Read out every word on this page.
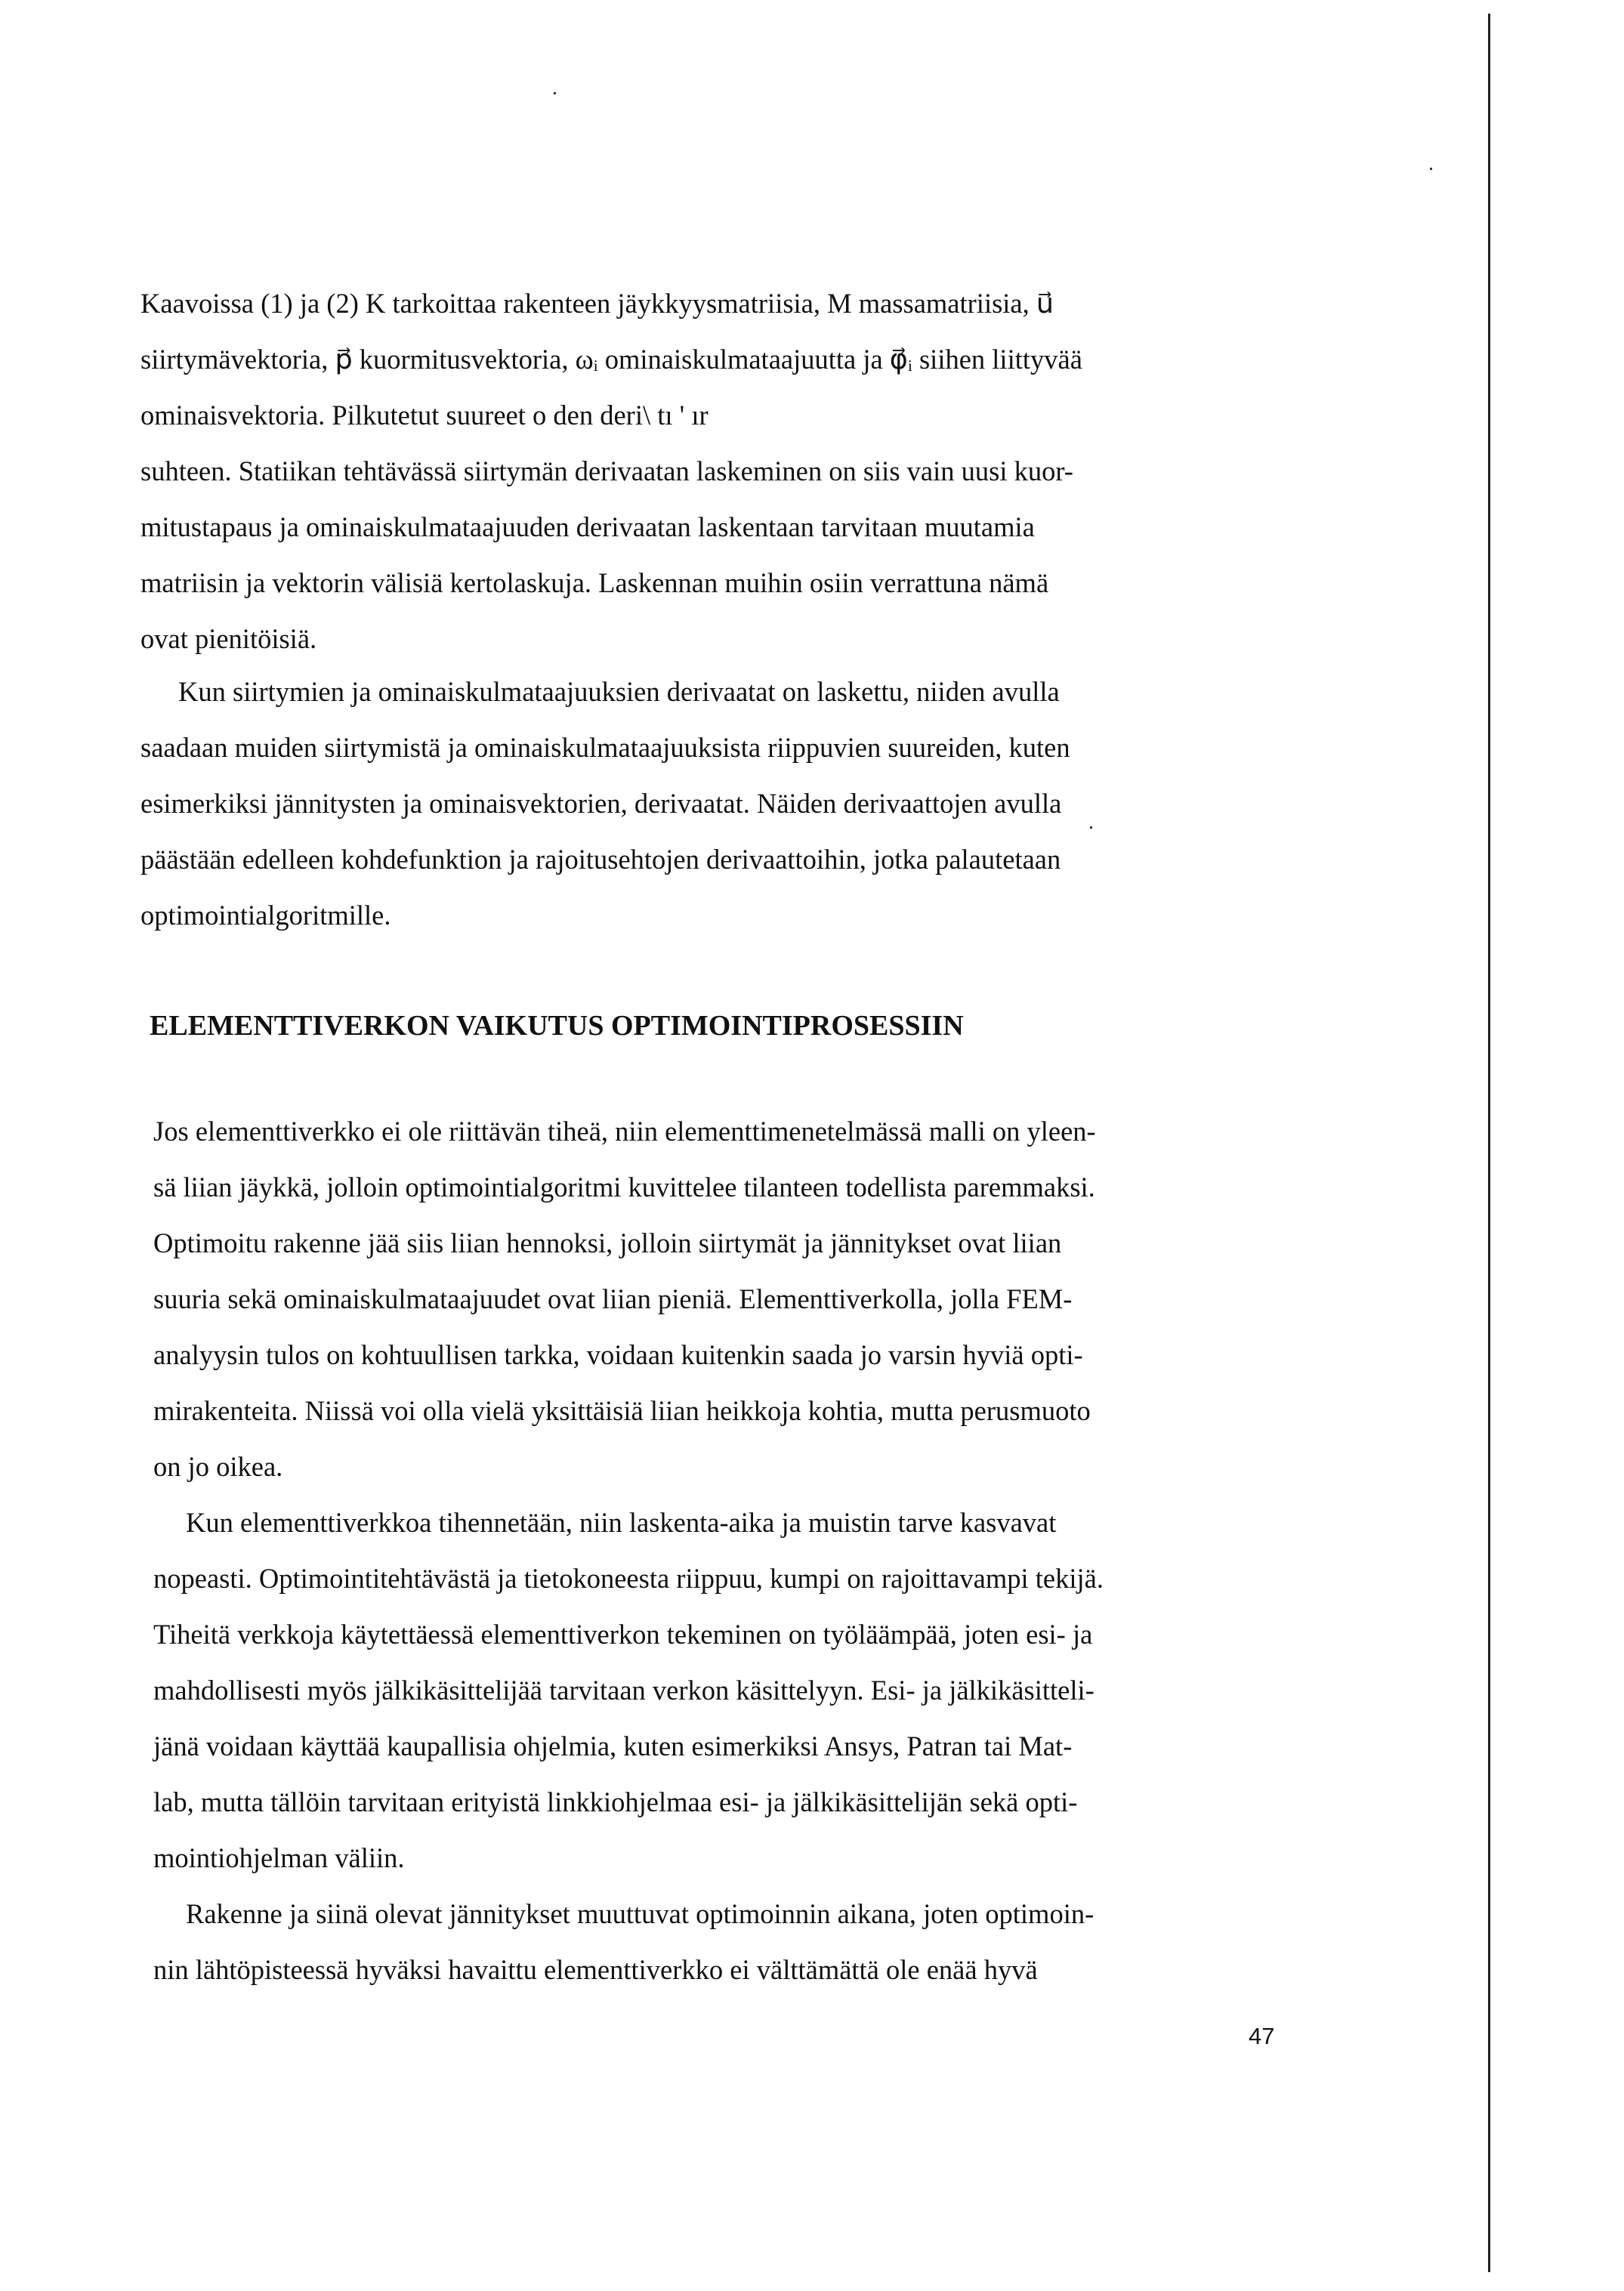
Kaavoissa (1) ja (2) K tarkoittaa rakenteen jäykkyysmatriisia, M massamatriisia, u⃗
siirtymävektoria, p⃗ kuormitusvektoria, ωᵢ ominaiskulmataajuutta ja φ⃗ᵢ siihen liittyvää
ominaisvektoria. Pilkutetut suureet o den deri\ tı ' ır
suhteen. Statiikan tehtävässä siirtymän derivaatan laskeminen on siis vain uusi kuor-
mitustapaus ja ominaiskulmataajuuden derivaatan laskentaan tarvitaan muutamia
matriisin ja vektorin välisiä kertolaskuja. Laskennan muihin osiin verrattuna nämä
ovat pienitöisiä.
Kun siirtymien ja ominaiskulmataajuuksien derivaatat on laskettu, niiden avulla
saadaan muiden siirtymistä ja ominaiskulmataajuuksista riippuvien suureiden, kuten
esimerkiksi jännitysten ja ominaisvektorien, derivaatat. Näiden derivaattojen avulla
päästään edelleen kohdefunktion ja rajoitusehtojen derivaattoihin, jotka palautetaan
optimointialgoritmille.
ELEMENTTIVERKON VAIKUTUS OPTIMOINTIPROSESSIIN
Jos elementtiverkko ei ole riittävän tiheä, niin elementtimenetelmässä malli on yleen-
sä liian jäykkä, jolloin optimointialgoritmi kuvittelee tilanteen todellista paremmaksi.
Optimoitu rakenne jää siis liian hennoksi, jolloin siirtymät ja jännitykset ovat liian
suuria sekä ominaiskulmataajuudet ovat liian pieniä. Elementtiverkolla, jolla FEM-
analyysin tulos on kohtuullisen tarkka, voidaan kuitenkin saada jo varsin hyviä opti-
mirakenteita. Niissä voi olla vielä yksittäisiä liian heikkoja kohtia, mutta perusmuoto
on jo oikea.
Kun elementtiverkkoa tihennetään, niin laskenta-aika ja muistin tarve kasvavat
nopeasti. Optimointitehtävästä ja tietokoneesta riippuu, kumpi on rajoittavampi tekijä.
Tiheitä verkkoja käytettäessä elementtiverkon tekeminen on työläämpää, joten esi- ja
mahdollisesti myös jälkikäsittelijää tarvitaan verkon käsittelyyn. Esi- ja jälkikäsitteli-
jänä voidaan käyttää kaupallisia ohjelmia, kuten esimerkiksi Ansys, Patran tai Mat-
lab, mutta tällöin tarvitaan erityistä linkkiohjelmaa esi- ja jälkikäsittelijän sekä opti-
mointiohjelman väliin.
Rakenne ja siinä olevat jännitykset muuttuvat optimoinnin aikana, joten optimoin-
nin lähtöpisteessä hyväksi havaittu elementtiverkko ei välttämättä ole enää hyvä
47
